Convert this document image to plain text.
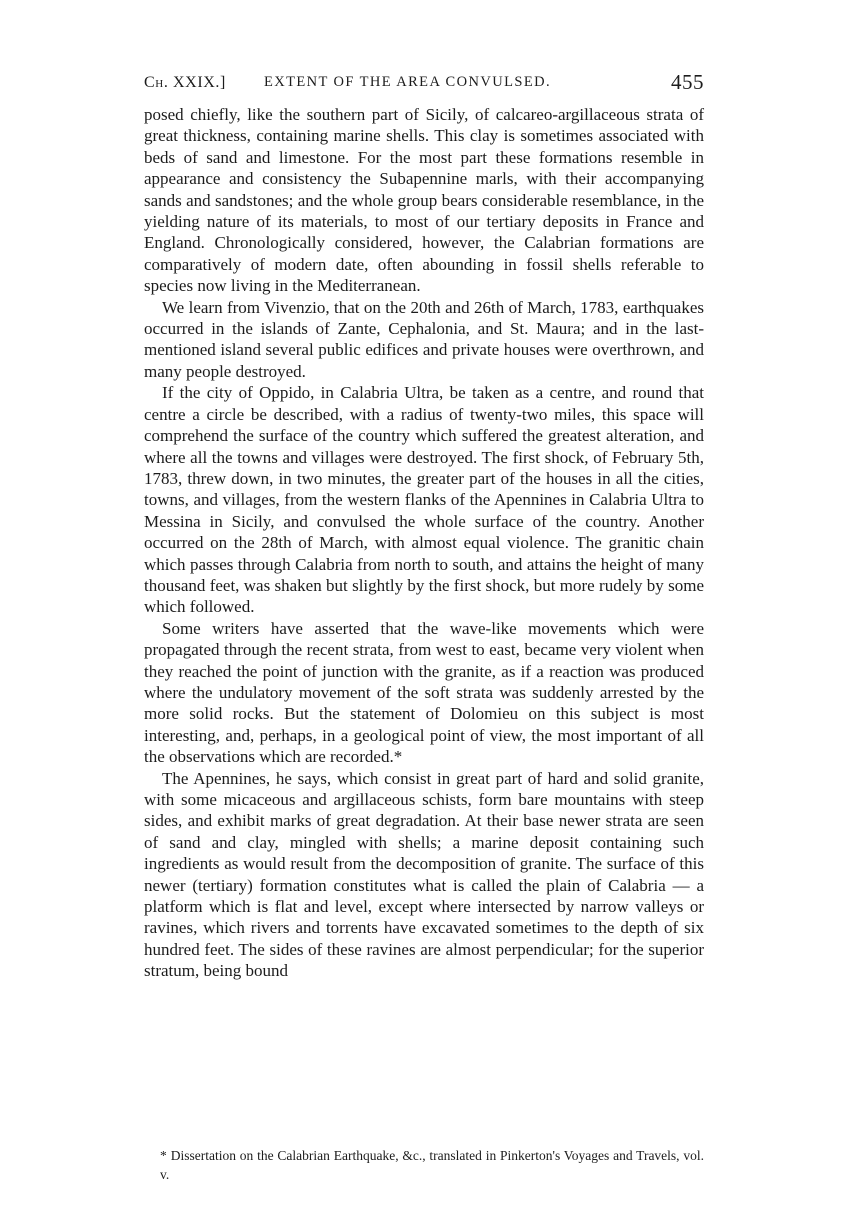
Ch. XXIX.]	EXTENT OF THE AREA CONVULSED.	455

posed chiefly, like the southern part of Sicily, of calcareo-argillaceous strata of great thickness, containing marine shells. This clay is sometimes associated with beds of sand and limestone. For the most part these formations resemble in appearance and consistency the Subapennine marls, with their accompanying sands and sandstones; and the whole group bears considerable resemblance, in the yielding nature of its materials, to most of our tertiary deposits in France and England. Chronologically considered, however, the Calabrian formations are comparatively of modern date, often abounding in fossil shells referable to species now living in the Mediterranean.

We learn from Vivenzio, that on the 20th and 26th of March, 1783, earthquakes occurred in the islands of Zante, Cephalonia, and St. Maura; and in the last-mentioned island several public edifices and private houses were overthrown, and many people destroyed.

If the city of Oppido, in Calabria Ultra, be taken as a centre, and round that centre a circle be described, with a radius of twenty-two miles, this space will comprehend the surface of the country which suffered the greatest alteration, and where all the towns and villages were destroyed. The first shock, of February 5th, 1783, threw down, in two minutes, the greater part of the houses in all the cities, towns, and villages, from the western flanks of the Apennines in Calabria Ultra to Messina in Sicily, and convulsed the whole surface of the country. Another occurred on the 28th of March, with almost equal violence. The granitic chain which passes through Calabria from north to south, and attains the height of many thousand feet, was shaken but slightly by the first shock, but more rudely by some which followed.

Some writers have asserted that the wave-like movements which were propagated through the recent strata, from west to east, became very violent when they reached the point of junction with the granite, as if a reaction was produced where the undulatory movement of the soft strata was suddenly arrested by the more solid rocks. But the statement of Dolomieu on this subject is most interesting, and, perhaps, in a geological point of view, the most important of all the observations which are recorded.*

The Apennines, he says, which consist in great part of hard and solid granite, with some micaceous and argillaceous schists, form bare mountains with steep sides, and exhibit marks of great degradation. At their base newer strata are seen of sand and clay, mingled with shells; a marine deposit containing such ingredients as would result from the decomposition of granite. The surface of this newer (tertiary) formation constitutes what is called the plain of Calabria — a platform which is flat and level, except where intersected by narrow valleys or ravines, which rivers and torrents have excavated sometimes to the depth of six hundred feet. The sides of these ravines are almost perpendicular; for the superior stratum, being bound

* Dissertation on the Calabrian Earthquake, &c., translated in Pinkerton's Voyages and Travels, vol. v.
